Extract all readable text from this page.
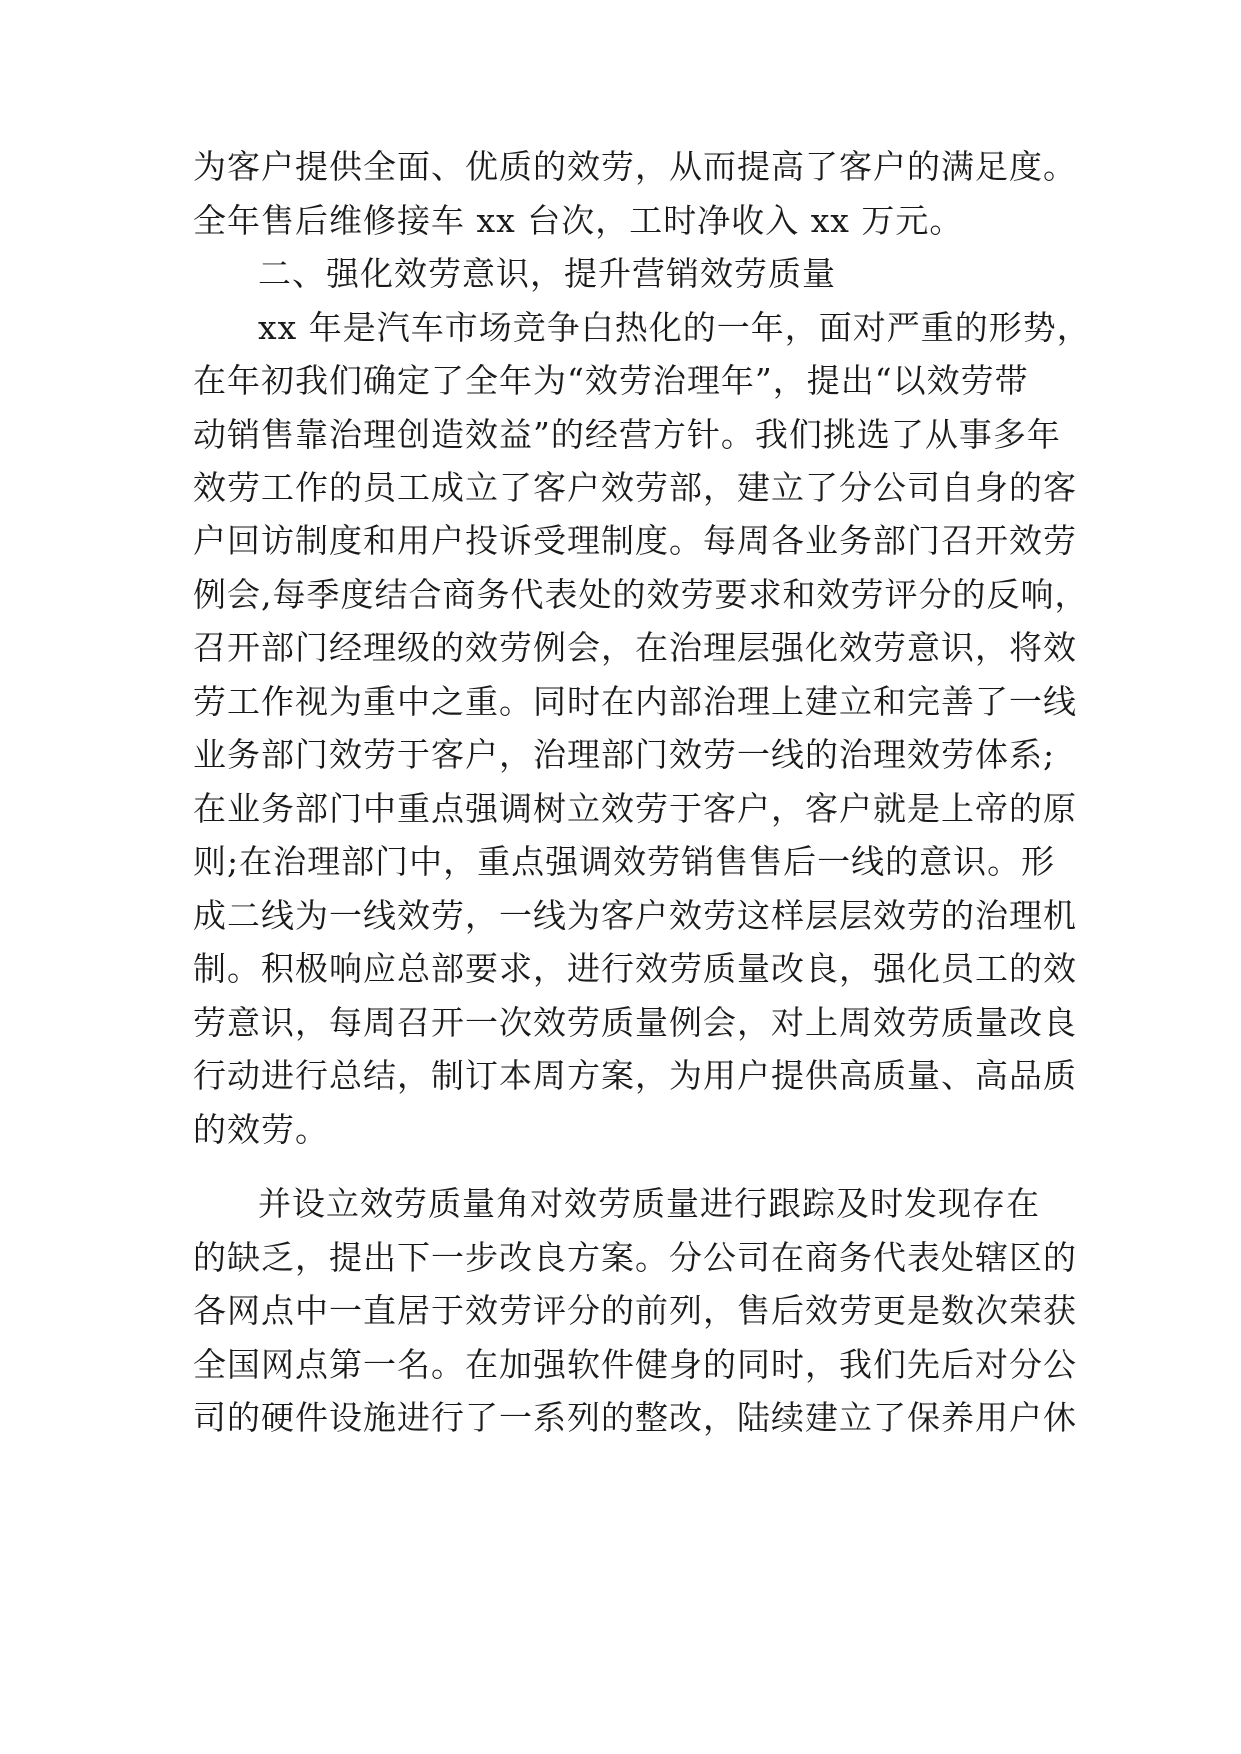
为客户提供全面、优质的效劳，从而提高了客户的满足度。
全年售后维修接车 xx 台次，工时净收入 xx 万元。
二、强化效劳意识，提升营销效劳质量
xx 年是汽车市场竞争白热化的一年，面对严重的形势，
在年初我们确定了全年为“效劳治理年”，提出“以效劳带
动销售靠治理创造效益”的经营方针。我们挑选了从事多年
效劳工作的员工成立了客户效劳部，建立了分公司自身的客
户回访制度和用户投诉受理制度。每周各业务部门召开效劳
例会,每季度结合商务代表处的效劳要求和效劳评分的反响，
召开部门经理级的效劳例会，在治理层强化效劳意识，将效
劳工作视为重中之重。同时在内部治理上建立和完善了一线
业务部门效劳于客户，治理部门效劳一线的治理效劳体系;
在业务部门中重点强调树立效劳于客户，客户就是上帝的原
则;在治理部门中，重点强调效劳销售售后一线的意识。形
成二线为一线效劳，一线为客户效劳这样层层效劳的治理机
制。积极响应总部要求，进行效劳质量改良，强化员工的效
劳意识，每周召开一次效劳质量例会，对上周效劳质量改良
行动进行总结，制订本周方案，为用户提供高质量、高品质
的效劳。
并设立效劳质量角对效劳质量进行跟踪及时发现存在
的缺乏，提出下一步改良方案。分公司在商务代表处辖区的
各网点中一直居于效劳评分的前列，售后效劳更是数次荣获
全国网点第一名。在加强软件健身的同时，我们先后对分公
司的硬件设施进行了一系列的整改，陆续建立了保养用户休
